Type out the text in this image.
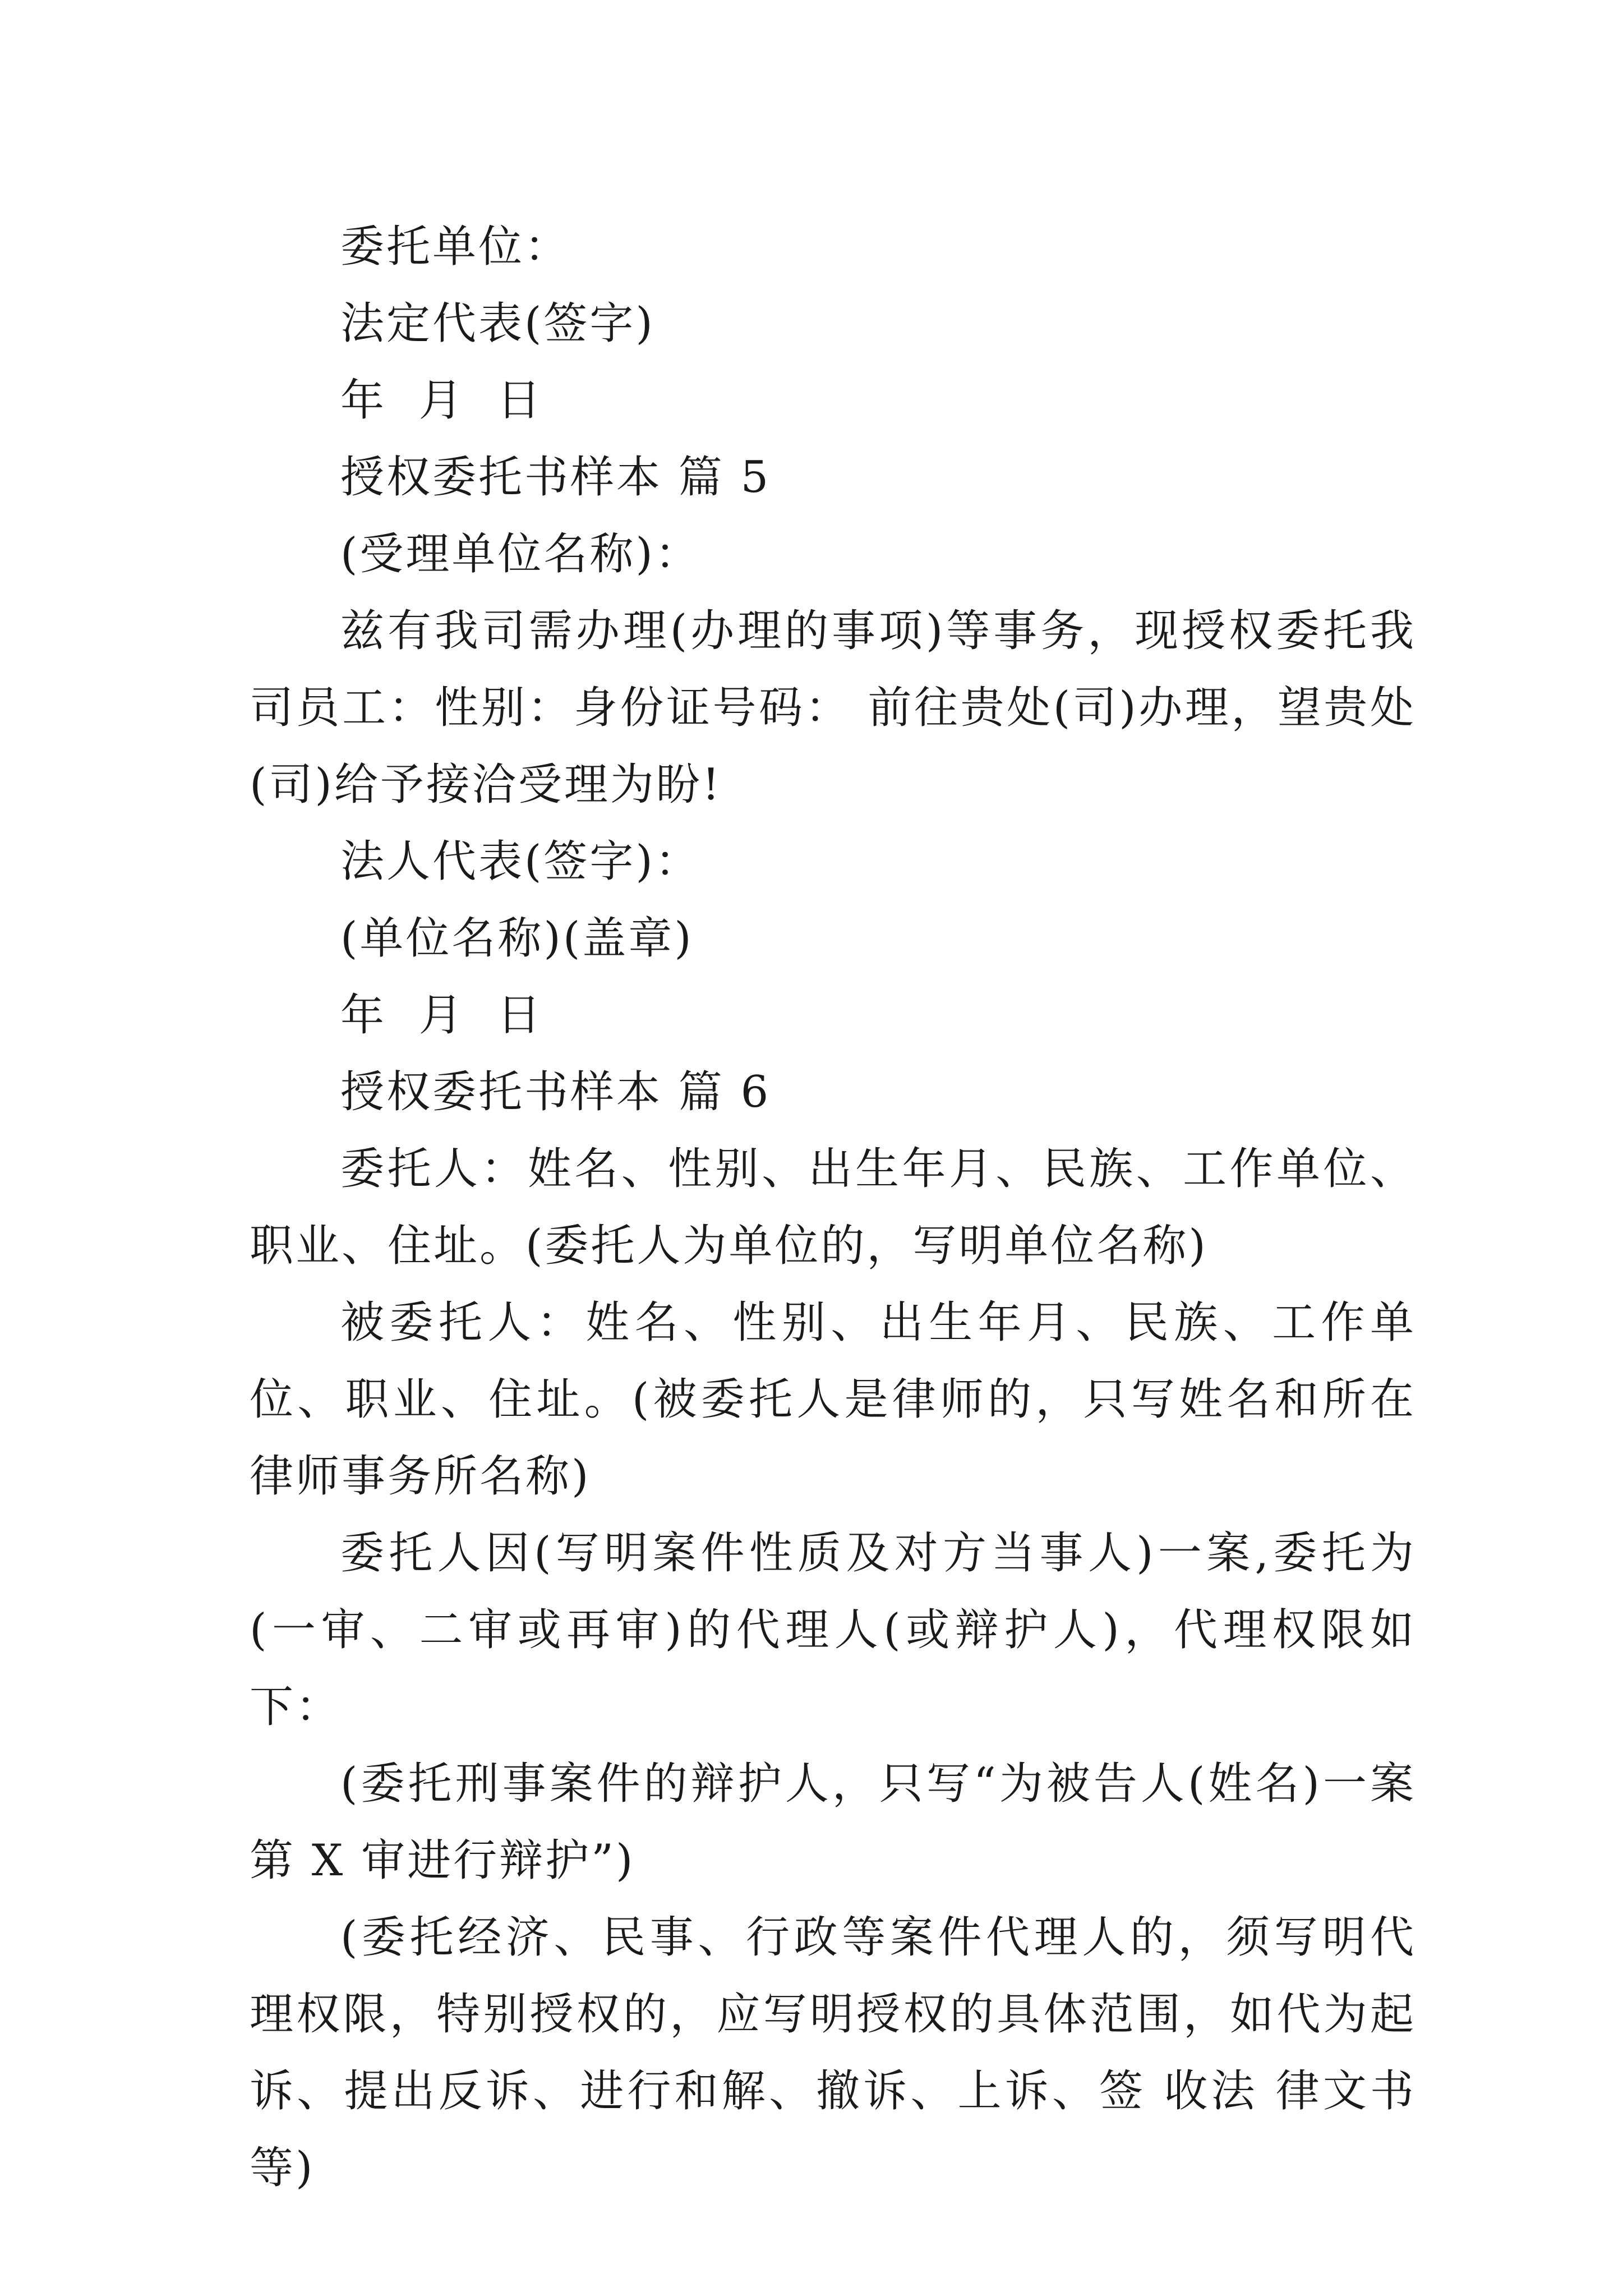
委托单位：

法定代表(签字)

年  月  日

授权委托书样本 篇 5

(受理单位名称)：

兹有我司需办理(办理的事项)等事务，现授权委托我司员工：性别：身份证号码： 前往贵处(司)办理，望贵处(司)给予接洽受理为盼!

法人代表(签字)：

(单位名称)(盖章)

年  月  日

授权委托书样本 篇 6

委托人：姓名、性别、出生年月、民族、工作单位、职业、住址。(委托人为单位的，写明单位名称)

被委托人：姓名、性别、出生年月、民族、工作单位、职业、住址。(被委托人是律师的，只写姓名和所在律师事务所名称)

委托人因(写明案件性质及对方当事人)一案,委托为(一审、二审或再审)的代理人(或辩护人)，代理权限如下：

(委托刑事案件的辩护人，只写“为被告人(姓名)一案第 X 审进行辩护”)

(委托经济、民事、行政等案件代理人的，须写明代理权限，特别授权的，应写明授权的具体范围，如代为起诉、提出反诉、进行和解、撤诉、上诉、签 收法 律文书等)
